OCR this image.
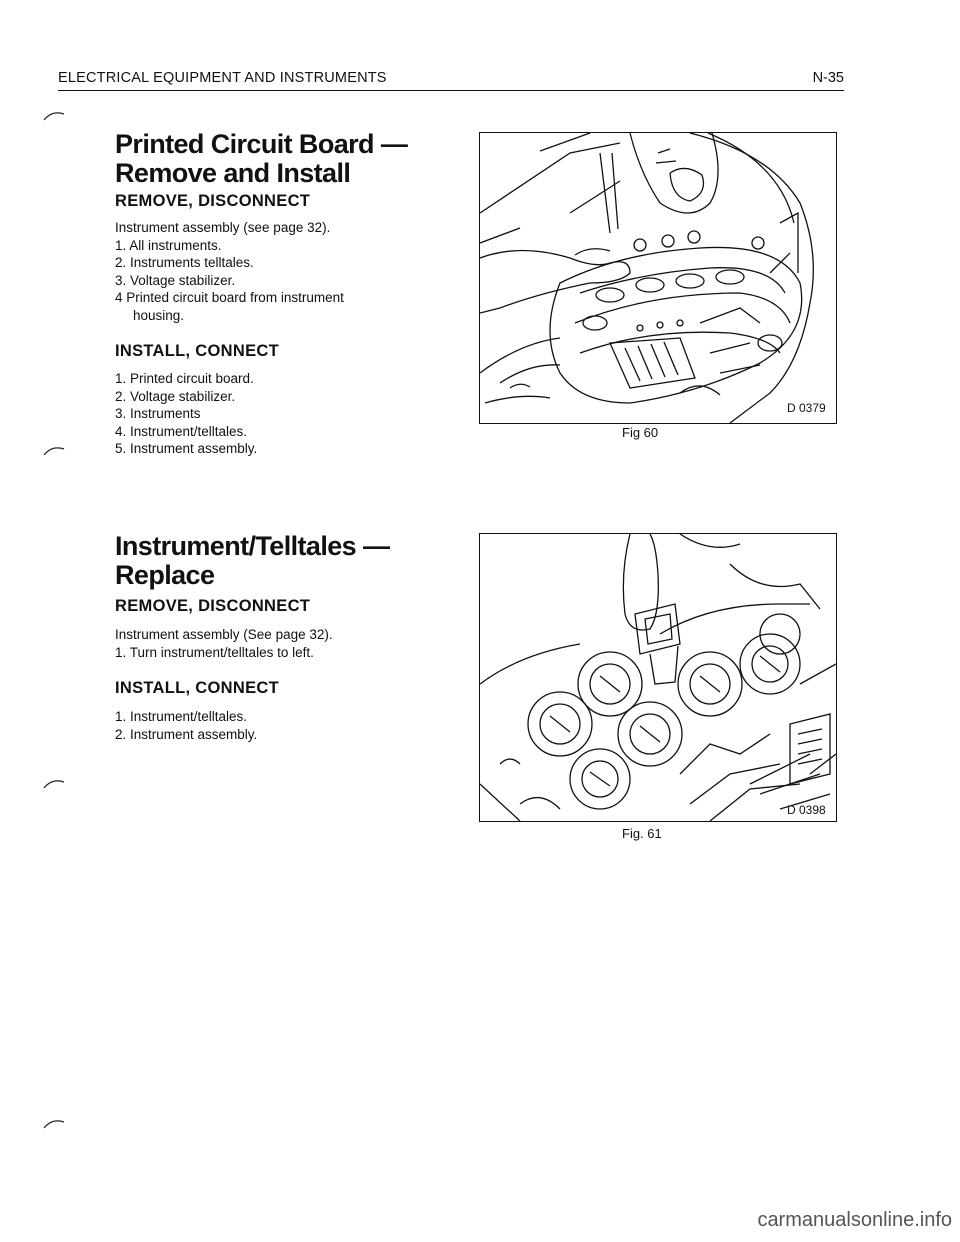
ELECTRICAL EQUIPMENT AND INSTRUMENTS	N-35
Printed Circuit Board —
Remove and Install
REMOVE, DISCONNECT
Instrument assembly (see page 32).
1. All instruments.
2. Instruments telltales.
3. Voltage stabilizer.
4 Printed circuit board from instrument
housing.
INSTALL, CONNECT
1. Printed circuit board.
2. Voltage stabilizer.
3. Instruments
4. Instrument/telltales.
5. Instrument assembly.
Instrument/Telltales —
Replace
REMOVE, DISCONNECT
Instrument assembly (See page 32).
1. Turn instrument/telltales to left.
INSTALL, CONNECT
1. Instrument/telltales.
2. Instrument assembly.
D 0379
Fig 60
D 0398
Fig. 61
carmanualsonline.info
